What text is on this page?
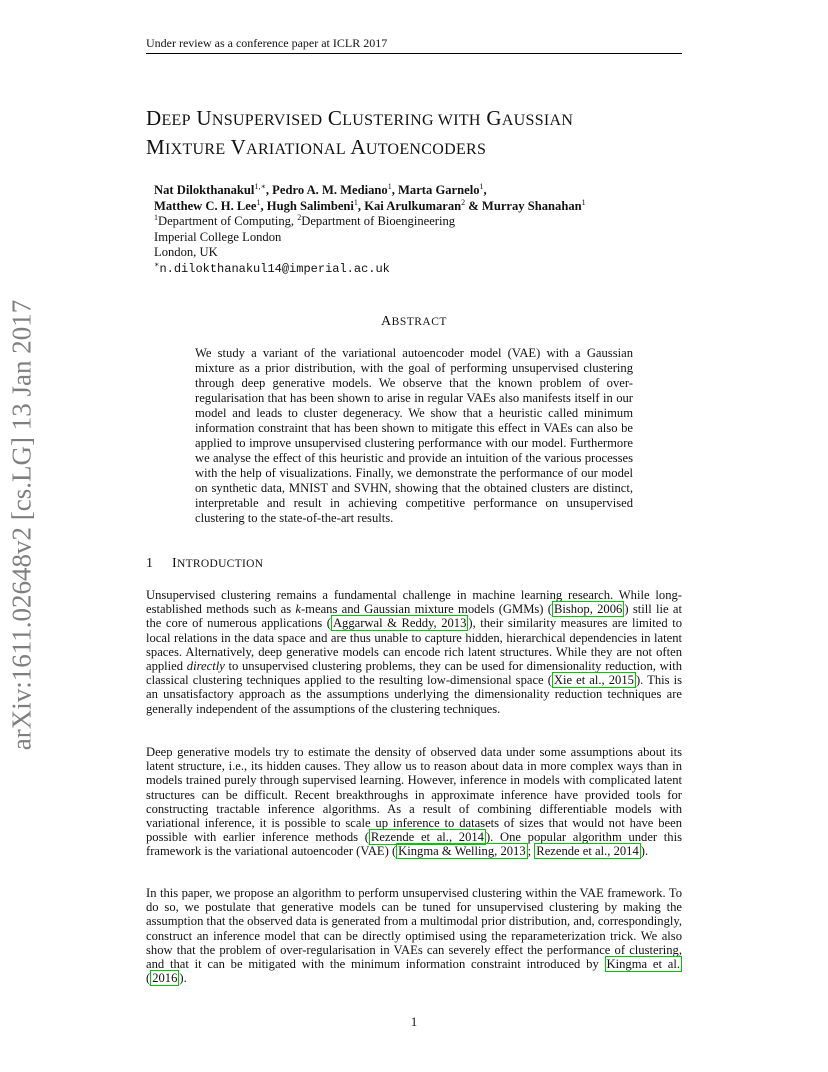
Under review as a conference paper at ICLR 2017
DEEP UNSUPERVISED CLUSTERING WITH GAUSSIAN
MIXTURE VARIATIONAL AUTOENCODERS
Nat Dilokthanakul$^{1,∗}$, Pedro A. M. Mediano$^1$, Marta Garnelo$^1$,
Matthew C. H. Lee$^1$, Hugh Salimbeni$^1$, Kai Arulkumaran$^2$ & Murray Shanahan$^1$
$^1$Department of Computing, $^2$Department of Bioengineering
Imperial College London
London, UK
∗n.dilokthanakul14@imperial.ac.uk
arXiv:1611.02648v2 [cs.LG] 13 Jan 2017	ABSTRACT
We study a variant of the variational autoencoder model (VAE) with a Gaussian mixture as a prior distribution, with the goal of performing unsupervised clustering through deep generative models. We observe that the known problem of over-regularisation that has been shown to arise in regular VAEs also manifests itself in our model and leads to cluster degeneracy. We show that a heuristic called minimum information constraint that has been shown to mitigate this effect in VAEs can also be applied to improve unsupervised clustering performance with our model. Furthermore we analyse the effect of this heuristic and provide an intuition of the various processes with the help of visualizations. Finally, we demonstrate the performance of our model on synthetic data, MNIST and SVHN, showing that the obtained clusters are distinct, interpretable and result in achieving competitive performance on unsupervised clustering to the state-of-the-art results.
1 INTRODUCTION
Unsupervised clustering remains a fundamental challenge in machine learning research. While long-established methods such as k-means and Gaussian mixture models (GMMs) ( Bishop, 2006 ) still lie at the core of numerous applications ( Aggarwal & Reddy, 2013 ), their similarity measures are limited to local relations in the data space and are thus unable to capture hidden, hierarchical dependencies in latent spaces. Alternatively, deep generative models can encode rich latent structures. While they are not often applied directly to unsupervised clustering problems, they can be used for dimensionality reduction, with classical clustering techniques applied to the resulting low-dimensional space ( Xie et al., 2015 ). This is an unsatisfactory approach as the assumptions underlying the dimensionality reduction techniques are generally independent of the assumptions of the clustering techniques.
Deep generative models try to estimate the density of observed data under some assumptions about its latent structure, i.e., its hidden causes. They allow us to reason about data in more complex ways than in models trained purely through supervised learning. However, inference in models with complicated latent structures can be difficult. Recent breakthroughs in approximate inference have provided tools for constructing tractable inference algorithms. As a result of combining differentiable models with variational inference, it is possible to scale up inference to datasets of sizes that would not have been possible with earlier inference methods ( Rezende et al., 2014 ). One popular algorithm under this framework is the variational autoencoder (VAE) ( Kingma & Welling, 2013 ; Rezende et al., 2014 ).
In this paper, we propose an algorithm to perform unsupervised clustering within the VAE framework. To do so, we postulate that generative models can be tuned for unsupervised clustering by making the assumption that the observed data is generated from a multimodal prior distribution, and, correspondingly, construct an inference model that can be directly optimised using the reparameterization trick. We also show that the problem of over-regularisation in VAEs can severely effect the performance of clustering, and that it can be mitigated with the minimum information constraint introduced by Kingma et al. ( 2016 ).
1
